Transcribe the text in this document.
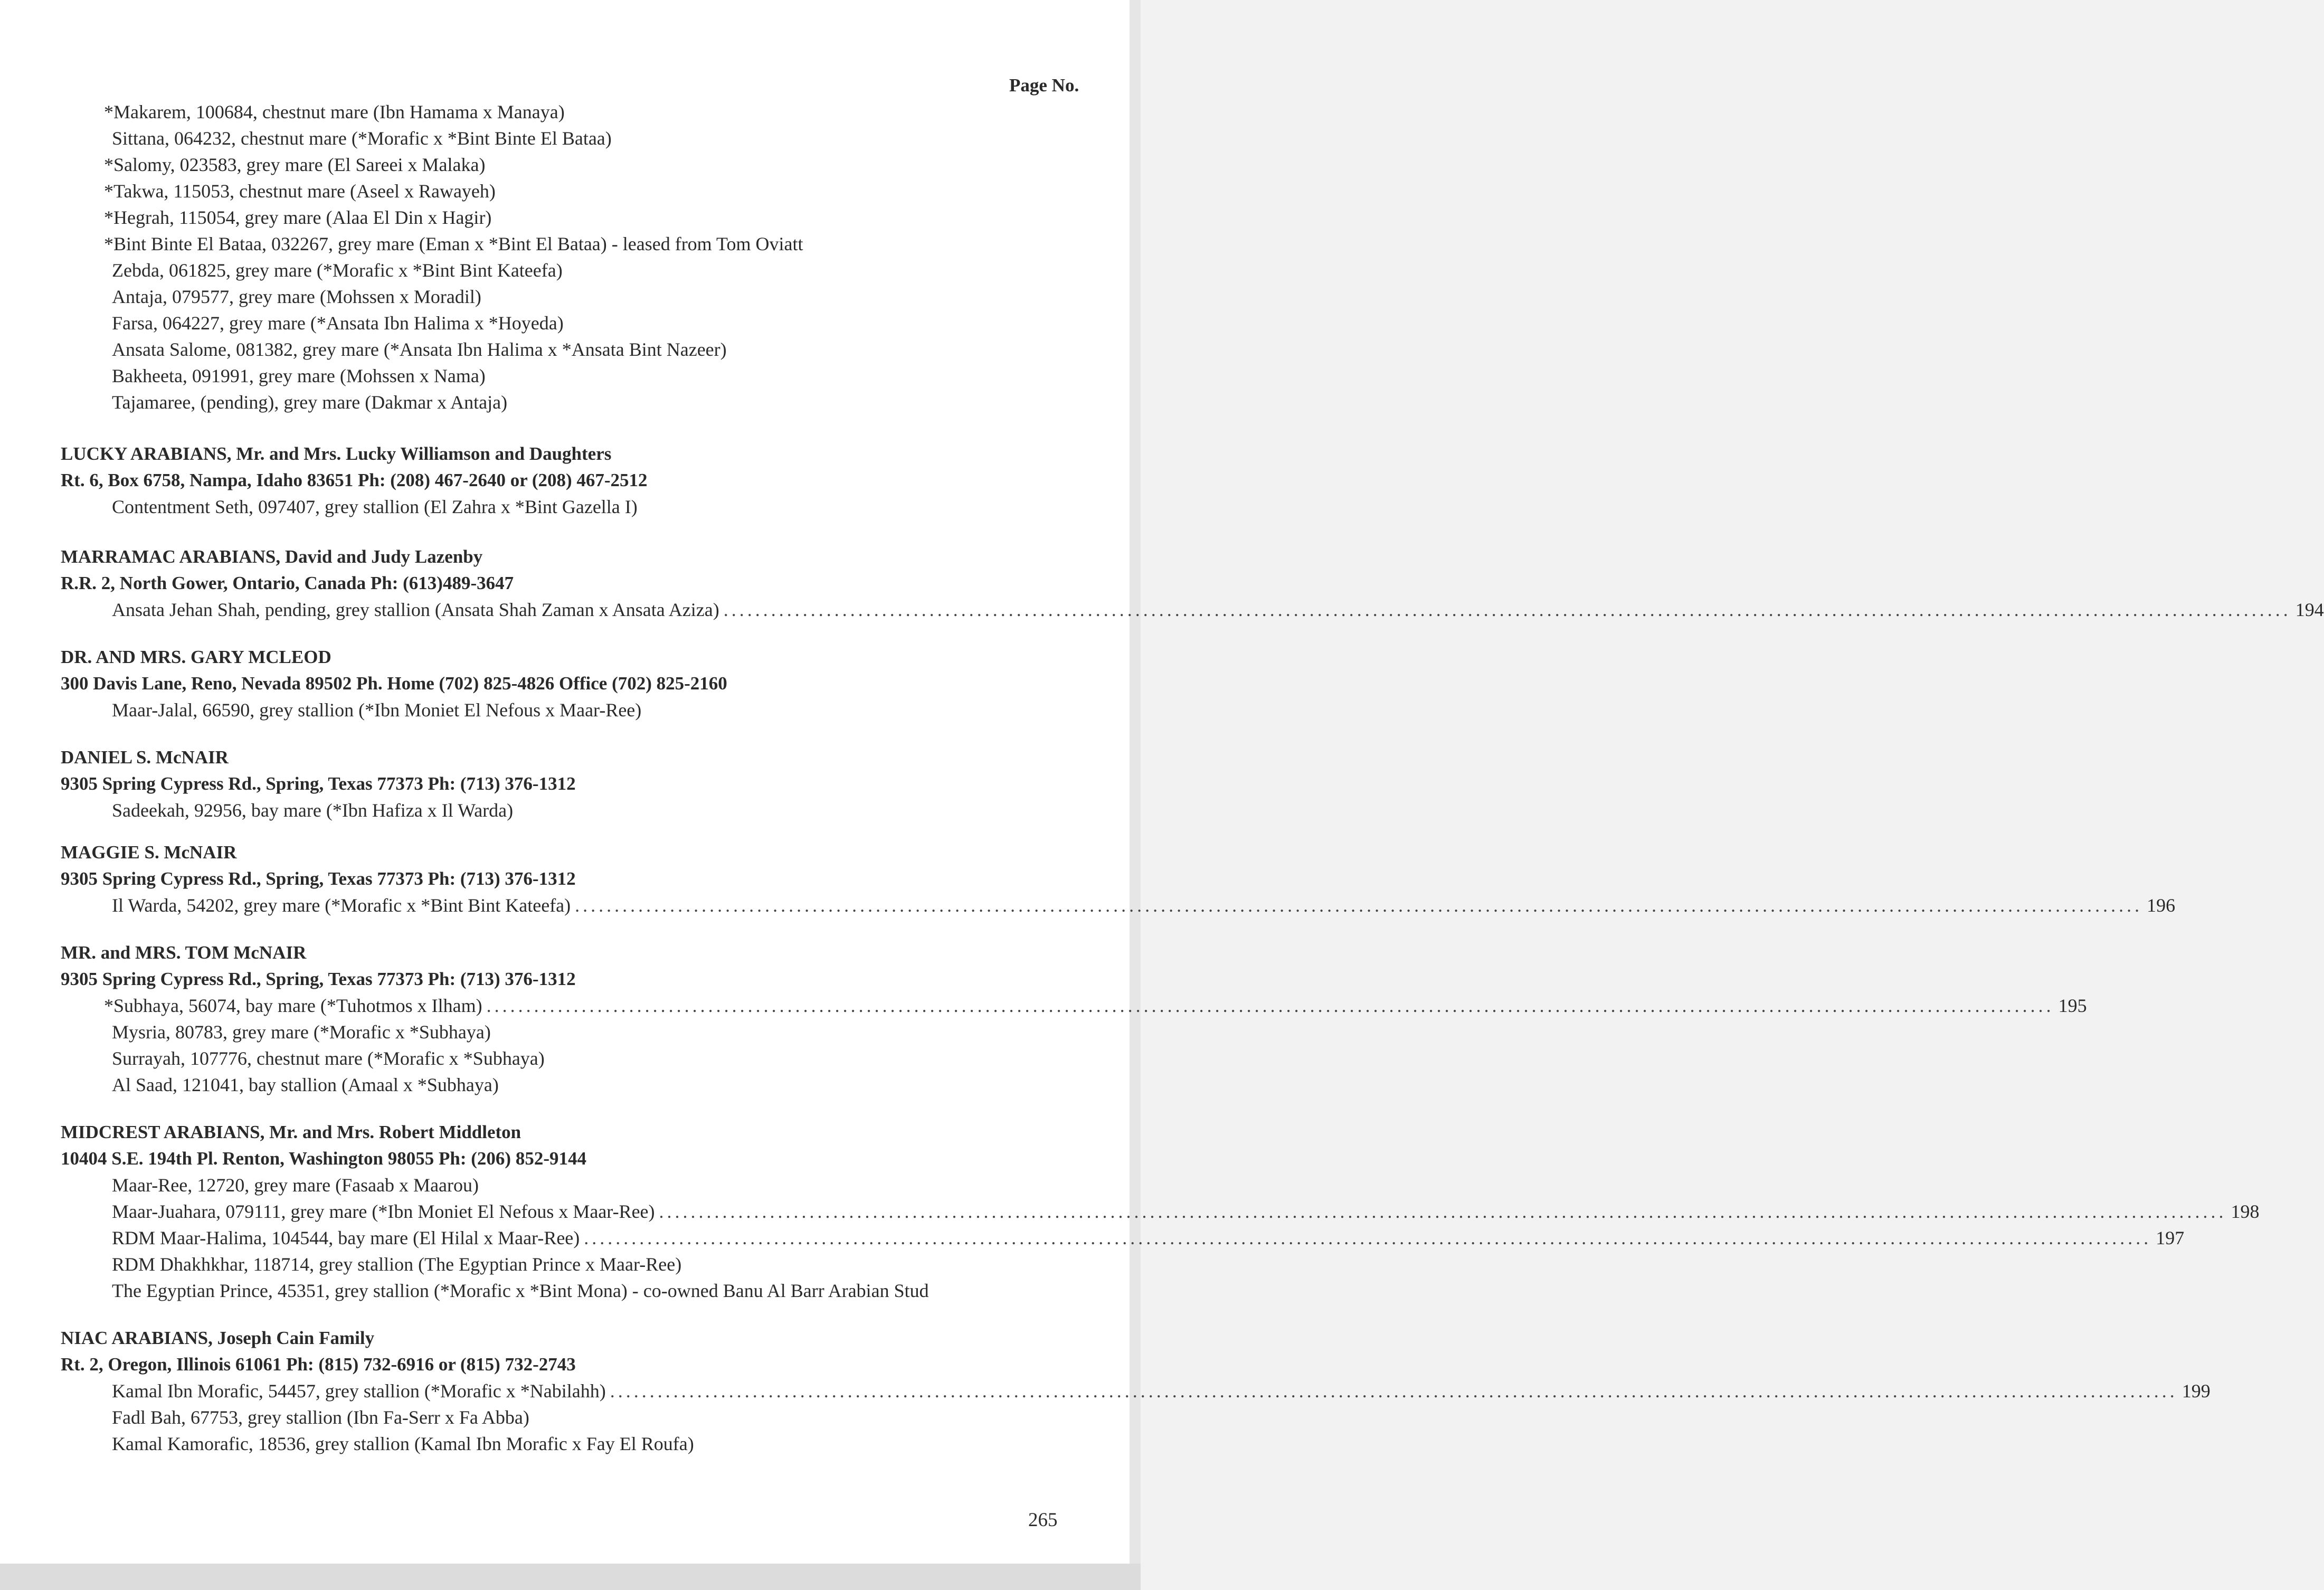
Page No.
*Makarem, 100684, chestnut mare (Ibn Hamama x Manaya)
Sittana, 064232, chestnut mare (*Morafic x *Bint Binte El Bataa)
*Salomy, 023583, grey mare (El Sareei x Malaka)
*Takwa, 115053, chestnut mare (Aseel x Rawayeh)
*Hegrah, 115054, grey mare (Alaa El Din x Hagir)
*Bint Binte El Bataa, 032267, grey mare (Eman x *Bint El Bataa) - leased from Tom Oviatt
Zebda, 061825, grey mare (*Morafic x *Bint Bint Kateefa)
Antaja, 079577, grey mare (Mohssen x Moradil)
Farsa, 064227, grey mare (*Ansata Ibn Halima x *Hoyeda)
Ansata Salome, 081382, grey mare (*Ansata Ibn Halima x *Ansata Bint Nazeer)
Bakheeta, 091991, grey mare (Mohssen x Nama)
Tajamaree, (pending), grey mare (Dakmar x Antaja)
LUCKY ARABIANS, Mr. and Mrs. Lucky Williamson and Daughters
Rt. 6, Box 6758, Nampa, Idaho 83651 Ph: (208) 467-2640 or (208) 467-2512
Contentment Seth, 097407, grey stallion (El Zahra x *Bint Gazella I)
MARRAMAC ARABIANS, David and Judy Lazenby
R.R. 2, North Gower, Ontario, Canada Ph: (613)489-3647
Ansata Jehan Shah, pending, grey stallion (Ansata Shah Zaman x Ansata Aziza) ...................................................................................................................................................................................................... 194
DR. AND MRS. GARY MCLEOD
300 Davis Lane, Reno, Nevada 89502 Ph. Home (702) 825-4826 Office (702) 825-2160
Maar-Jalal, 66590, grey stallion (*Ibn Moniet El Nefous x Maar-Ree)
DANIEL S. McNAIR
9305 Spring Cypress Rd., Spring, Texas 77373 Ph: (713) 376-1312
Sadeekah, 92956, bay mare (*Ibn Hafiza x Il Warda)
MAGGIE S. McNAIR
9305 Spring Cypress Rd., Spring, Texas 77373 Ph: (713) 376-1312
Il Warda, 54202, grey mare (*Morafic x *Bint Bint Kateefa) ...................................................................................................................................................................................................... 196
MR. and MRS. TOM McNAIR
9305 Spring Cypress Rd., Spring, Texas 77373 Ph: (713) 376-1312
*Subhaya, 56074, bay mare (*Tuhotmos x Ilham) ...................................................................................................................................................................................................... 195
Mysria, 80783, grey mare (*Morafic x *Subhaya)
Surrayah, 107776, chestnut mare (*Morafic x *Subhaya)
Al Saad, 121041, bay stallion (Amaal x *Subhaya)
MIDCREST ARABIANS, Mr. and Mrs. Robert Middleton
10404 S.E. 194th Pl. Renton, Washington 98055 Ph: (206) 852-9144
Maar-Ree, 12720, grey mare (Fasaab x Maarou)
Maar-Juahara, 079111, grey mare (*Ibn Moniet El Nefous x Maar-Ree) ...................................................................................................................................................................................................... 198
RDM Maar-Halima, 104544, bay mare (El Hilal x Maar-Ree) ...................................................................................................................................................................................................... 197
RDM Dhakhkhar, 118714, grey stallion (The Egyptian Prince x Maar-Ree)
The Egyptian Prince, 45351, grey stallion (*Morafic x *Bint Mona) - co-owned Banu Al Barr Arabian Stud
NIAC ARABIANS, Joseph Cain Family
Rt. 2, Oregon, Illinois 61061 Ph: (815) 732-6916 or (815) 732-2743
Kamal Ibn Morafic, 54457, grey stallion (*Morafic x *Nabilahh) ...................................................................................................................................................................................................... 199
Fadl Bah, 67753, grey stallion (Ibn Fa-Serr x Fa Abba)
Kamal Kamorafic, 18536, grey stallion (Kamal Ibn Morafic x Fay El Roufa)
265
